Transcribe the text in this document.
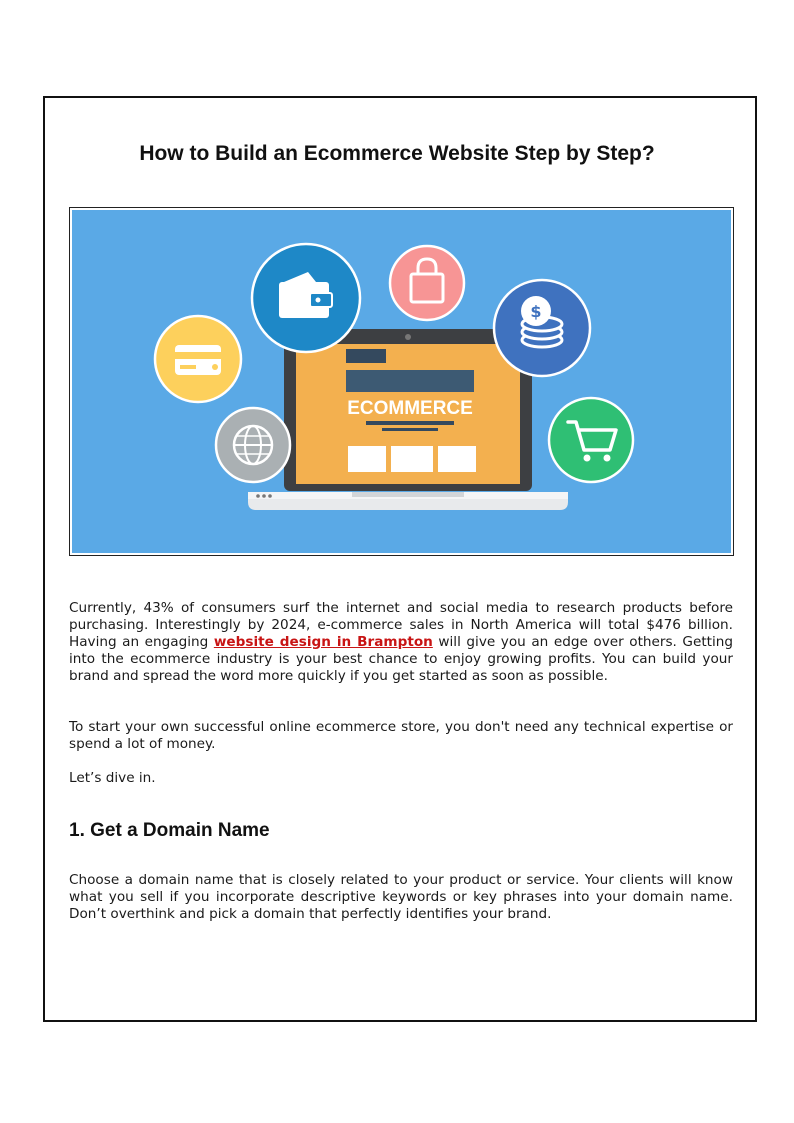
How to Build an Ecommerce Website Step by Step?
ECOMMERCE
$

Currently, 43% of consumers surf the internet and social media to research products before purchasing. Interestingly by 2024, e-commerce sales in North America will total $476 billion. Having an engaging website design in Brampton will give you an edge over others. Getting into the ecommerce industry is your best chance to enjoy growing profits. You can build your brand and spread the word more quickly if you get started as soon as possible.

To start your own successful online ecommerce store, you don't need any technical expertise or spend a lot of money.

Let’s dive in.

1. Get a Domain Name

Choose a domain name that is closely related to your product or service. Your clients will know what you sell if you incorporate descriptive keywords or key phrases into your domain name. Don’t overthink and pick a domain that perfectly identifies your brand.
